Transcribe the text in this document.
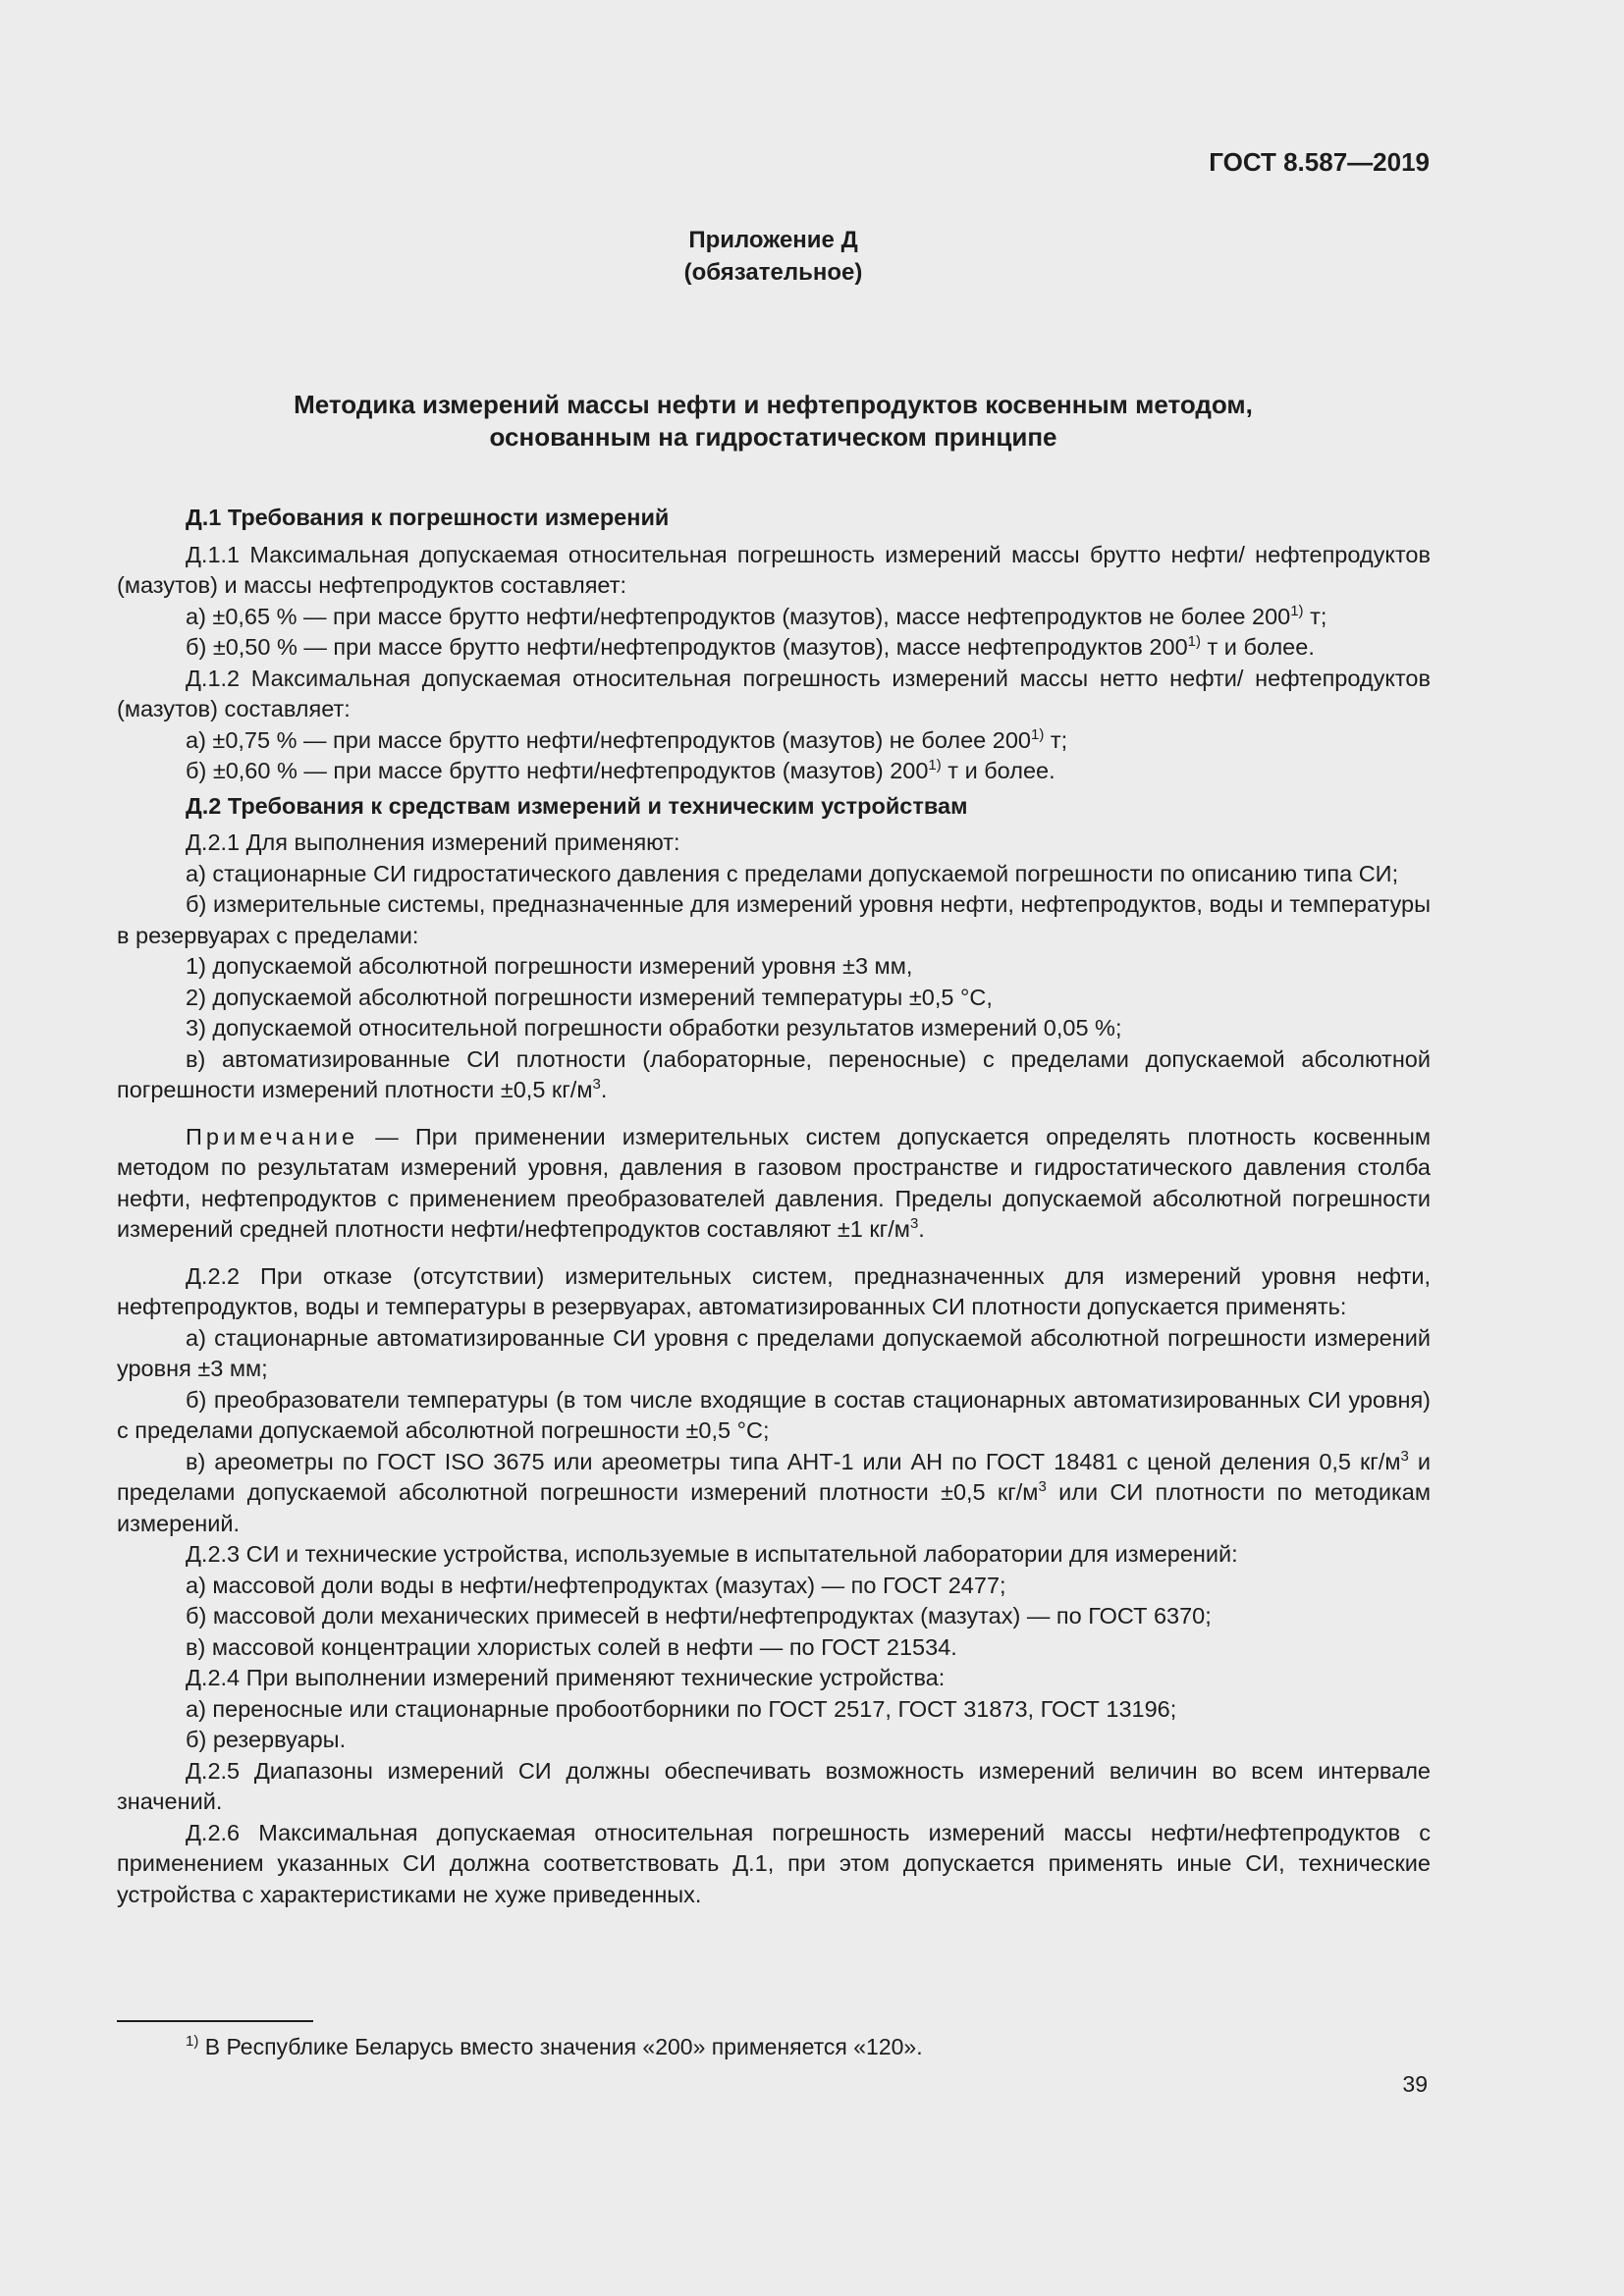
ГОСТ 8.587—2019
Приложение Д
(обязательное)
Методика измерений массы нефти и нефтепродуктов косвенным методом,
основанным на гидростатическом принципе

Д.1 Требования к погрешности измерений

Д.1.1 Максимальная допускаемая относительная погрешность измерений массы брутто нефти/ нефтепродуктов (мазутов) и массы нефтепродуктов составляет:

а) ±0,65 % — при массе брутто нефти/нефтепродуктов (мазутов), массе нефтепродуктов не более 200$^{1)}$ т;

б) ±0,50 % — при массе брутто нефти/нефтепродуктов (мазутов), массе нефтепродуктов 200$^{1)}$ т и более.

Д.1.2 Максимальная допускаемая относительная погрешность измерений массы нетто нефти/ нефтепродуктов (мазутов) составляет:

а) ±0,75 % — при массе брутто нефти/нефтепродуктов (мазутов) не более 200$^{1)}$ т;

б) ±0,60 % — при массе брутто нефти/нефтепродуктов (мазутов) 200$^{1)}$ т и более.

Д.2 Требования к средствам измерений и техническим устройствам

Д.2.1 Для выполнения измерений применяют:

а) стационарные СИ гидростатического давления с пределами допускаемой погрешности по описанию типа СИ;

б) измерительные системы, предназначенные для измерений уровня нефти, нефтепродуктов, воды и температуры в резервуарах с пределами:

1) допускаемой абсолютной погрешности измерений уровня ±3 мм,

2) допускаемой абсолютной погрешности измерений температуры ±0,5 °С,

3) допускаемой относительной погрешности обработки результатов измерений 0,05 %;

в) автоматизированные СИ плотности (лабораторные, переносные) с пределами допускаемой абсолютной погрешности измерений плотности ±0,5 $кг/м^3$.

Примечание — При применении измерительных систем допускается определять плотность косвенным методом по результатам измерений уровня, давления в газовом пространстве и гидростатического давления столба нефти, нефтепродуктов с применением преобразователей давления. Пределы допускаемой абсолютной погрешности измерений средней плотности нефти/нефтепродуктов составляют ±1 $кг/м^3$.

Д.2.2 При отказе (отсутствии) измерительных систем, предназначенных для измерений уровня нефти, нефтепродуктов, воды и температуры в резервуарах, автоматизированных СИ плотности допускается применять:

а) стационарные автоматизированные СИ уровня с пределами допускаемой абсолютной погрешности измерений уровня ±3 мм;

б) преобразователи температуры (в том числе входящие в состав стационарных автоматизированных СИ уровня) с пределами допускаемой абсолютной погрешности ±0,5 °С;

в) ареометры по ГОСТ ISO 3675 или ареометры типа АНТ-1 или АН по ГОСТ 18481 с ценой деления 0,5 $кг/м^3$ и пределами допускаемой абсолютной погрешности измерений плотности ±0,5 $кг/м^3$ или СИ плотности по методикам измерений.

Д.2.3 СИ и технические устройства, используемые в испытательной лаборатории для измерений:

а) массовой доли воды в нефти/нефтепродуктах (мазутах) — по ГОСТ 2477;

б) массовой доли механических примесей в нефти/нефтепродуктах (мазутах) — по ГОСТ 6370;

в) массовой концентрации хлористых солей в нефти — по ГОСТ 21534.

Д.2.4 При выполнении измерений применяют технические устройства:

а) переносные или стационарные пробоотборники по ГОСТ 2517, ГОСТ 31873, ГОСТ 13196;

б) резервуары.

Д.2.5 Диапазоны измерений СИ должны обеспечивать возможность измерений величин во всем интервале значений.

Д.2.6 Максимальная допускаемая относительная погрешность измерений массы нефти/нефтепродуктов с применением указанных СИ должна соответствовать Д.1, при этом допускается применять иные СИ, технические устройства с характеристиками не хуже приведенных.

$^{1)}$ В Республике Беларусь вместо значения «200» применяется «120».
39
